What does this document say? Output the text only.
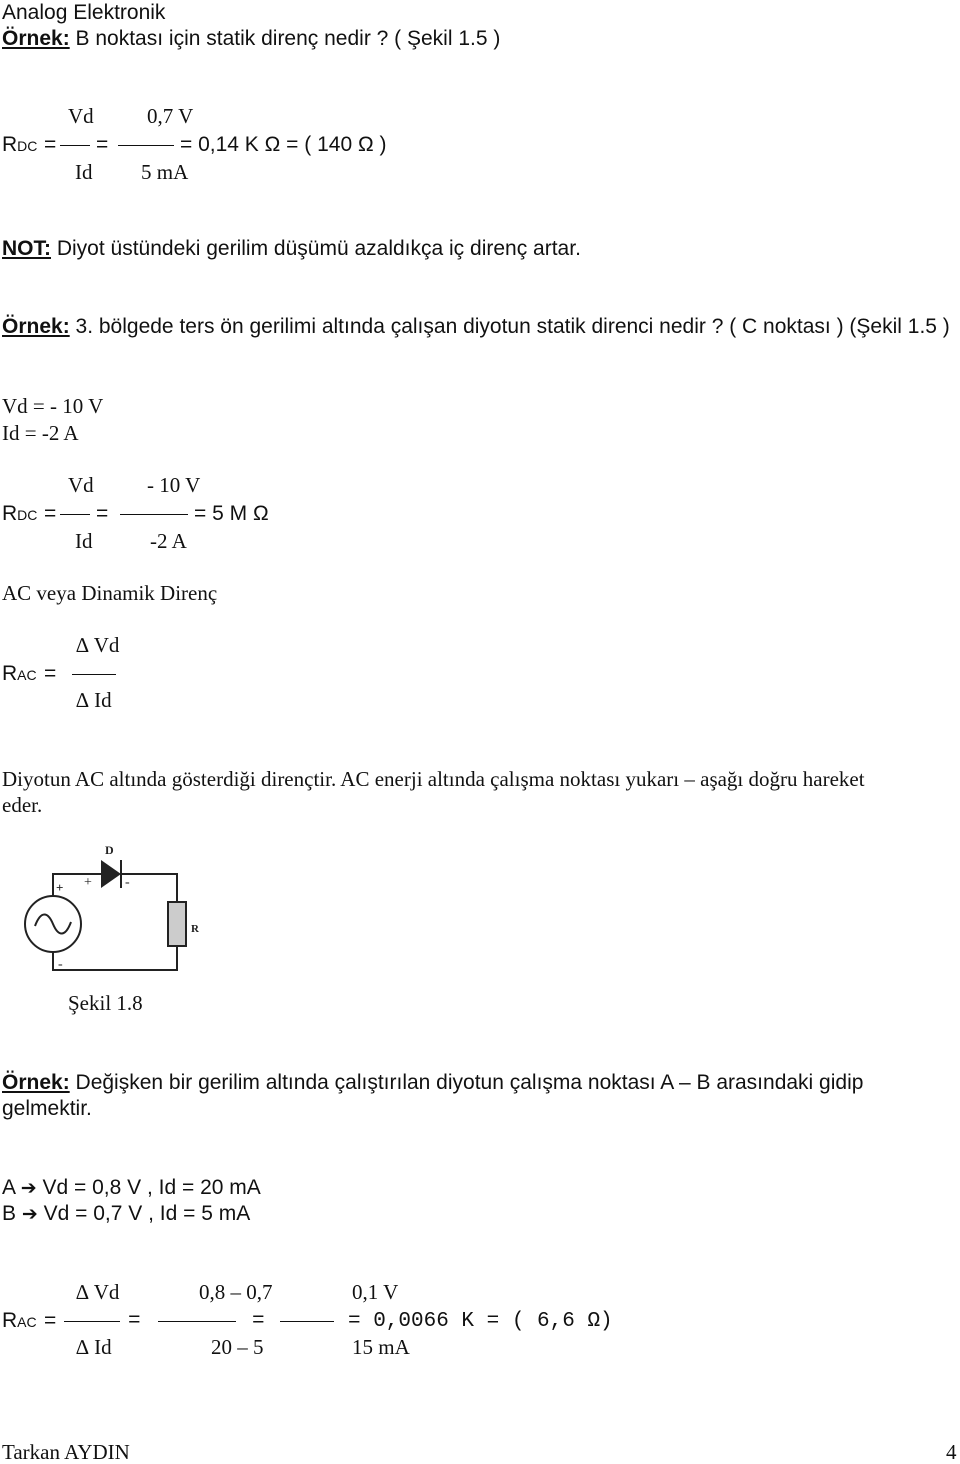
Analog Elektronik
Örnek: B noktası için statik direnç nedir ? ( Şekil 1.5 )
Vd	0,7 V
RDC = =	= 0,14 K Ω = ( 140 Ω )
Id 5 mA
NOT: Diyot üstündeki gerilim düşümü azaldıkça iç direnç artar.
Örnek: 3. bölgede ters ön gerilimi altında çalışan diyotun statik direnci nedir ? ( C noktası ) (Şekil 1.5 )
Vd = - 10 V
Id = -2 A
Vd	- 10 V
RDC = =	= 5 M Ω
Id	-2 A
AC veya Dinamik Direnç
∆ Vd
RAC =
∆ Id
Diyotun AC altında gösterdiği dirençtir. AC enerji altında çalışma noktası yukarı – aşağı doğru hareket
eder.
D
R
+ + -
-
Şekil 1.8
Örnek: Değişken bir gerilim altında çalıştırılan diyotun çalışma noktası A – B arasındaki gidip
gelmektir.
A ➔ Vd = 0,8 V , Id = 20 mA
B ➔ Vd = 0,7 V , Id = 5 mA
∆ Vd	0,8 – 0,7	0,1 V
RAC =	=	=	= 0,0066 K = ( 6,6 Ω)
∆ Id	20 – 5	15 mA
Tarkan AYDIN	4
